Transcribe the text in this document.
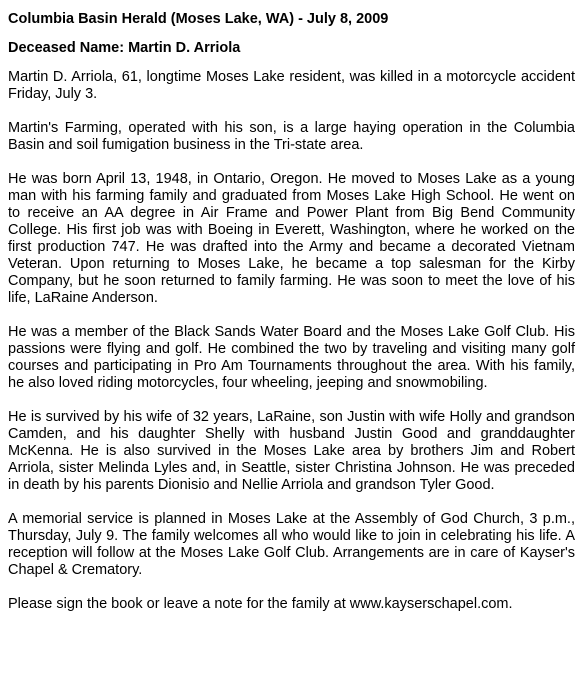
Columbia Basin Herald (Moses Lake, WA) - July 8, 2009

Deceased Name: Martin D. Arriola

Martin D. Arriola, 61, longtime Moses Lake resident, was killed in a motorcycle accident Friday, July 3.

Martin's Farming, operated with his son, is a large haying operation in the Columbia Basin and soil fumigation business in the Tri-state area.

He was born April 13, 1948, in Ontario, Oregon. He moved to Moses Lake as a young man with his farming family and graduated from Moses Lake High School. He went on to receive an AA degree in Air Frame and Power Plant from Big Bend Community College. His first job was with Boeing in Everett, Washington, where he worked on the first production 747. He was drafted into the Army and became a decorated Vietnam Veteran. Upon returning to Moses Lake, he became a top salesman for the Kirby Company, but he soon returned to family farming. He was soon to meet the love of his life, LaRaine Anderson.

He was a member of the Black Sands Water Board and the Moses Lake Golf Club. His passions were flying and golf. He combined the two by traveling and visiting many golf courses and participating in Pro Am Tournaments throughout the area. With his family, he also loved riding motorcycles, four wheeling, jeeping and snowmobiling.

He is survived by his wife of 32 years, LaRaine, son Justin with wife Holly and grandson Camden, and his daughter Shelly with husband Justin Good and granddaughter McKenna. He is also survived in the Moses Lake area by brothers Jim and Robert Arriola, sister Melinda Lyles and, in Seattle, sister Christina Johnson. He was preceded in death by his parents Dionisio and Nellie Arriola and grandson Tyler Good.

A memorial service is planned in Moses Lake at the Assembly of God Church, 3 p.m., Thursday, July 9. The family welcomes all who would like to join in celebrating his life. A reception will follow at the Moses Lake Golf Club. Arrangements are in care of Kayser's Chapel & Crematory.

Please sign the book or leave a note for the family at www.kayserschapel.com.
